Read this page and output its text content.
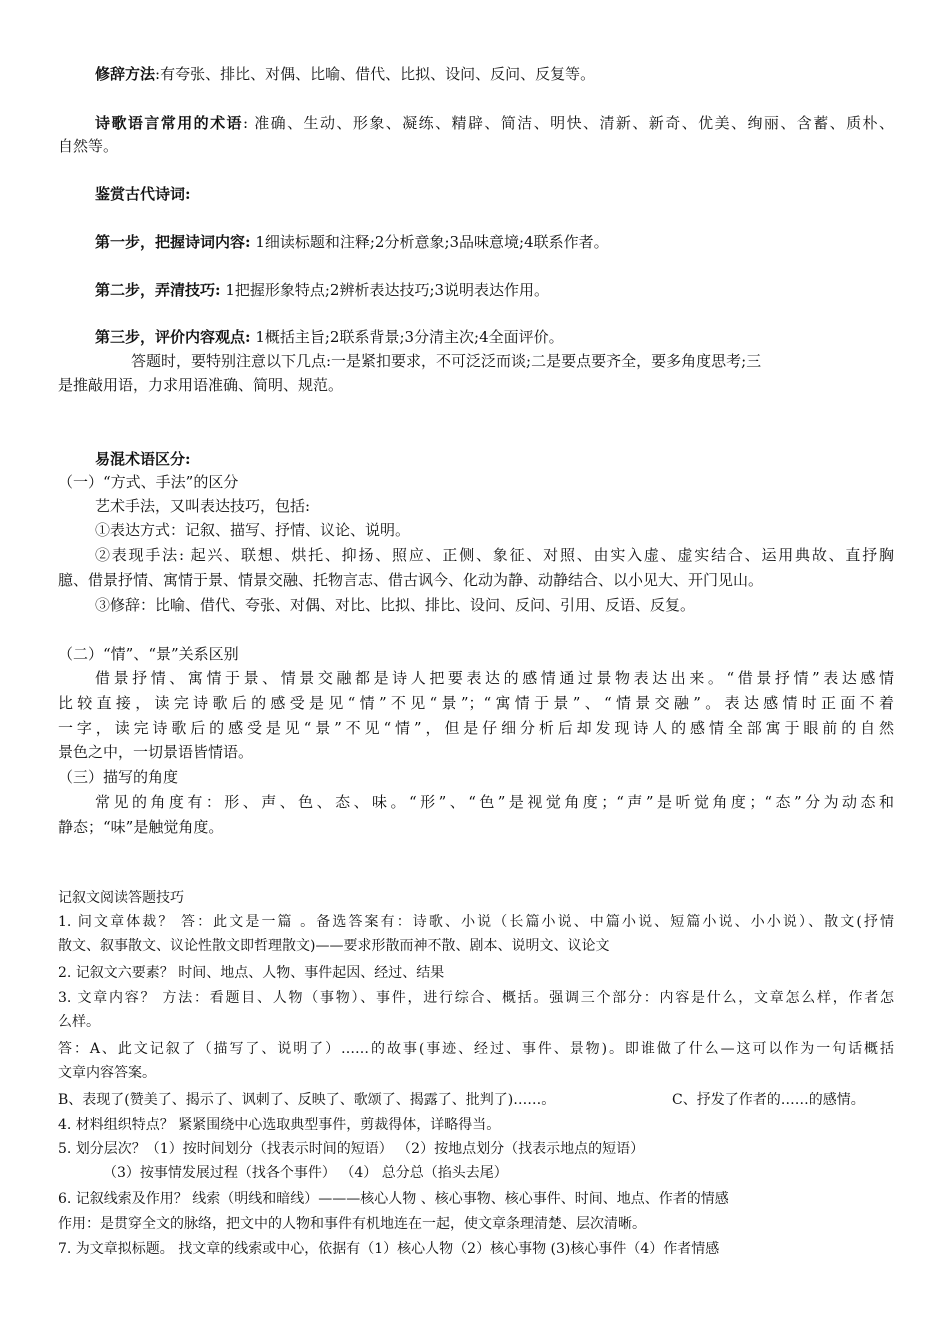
修辞方法:有夸张、排比、对偶、比喻、借代、比拟、设问、反问、反复等。
诗歌语言常用的术语: 准确、生动、形象、凝练、精辟、简洁、明快、清新、新奇、优美、绚丽、含蓄、质朴、
自然等。
鉴赏古代诗词:
第一步，把握诗词内容: 1细读标题和注释;2分析意象;3品味意境;4联系作者。
第二步，弄清技巧: 1把握形象特点;2辨析表达技巧;3说明表达作用。
第三步，评价内容观点: 1概括主旨;2联系背景;3分清主次;4全面评价。
答题时，要特别注意以下几点:一是紧扣要求，不可泛泛而谈;二是要点要齐全，要多角度思考;三
是推敲用语，力求用语准确、简明、规范。
易混术语区分:
（一）“方式、手法”的区分
艺术手法，又叫表达技巧，包括:
①表达方式：记叙、描写、抒情、议论、说明。
②表现手法: 起兴、联想、烘托、抑扬、照应、正侧、象征、对照、由实入虚、虚实结合、运用典故、直抒胸
臆、借景抒情、寓情于景、情景交融、托物言志、借古讽今、化动为静、动静结合、以小见大、开门见山。
③修辞：比喻、借代、夸张、对偶、对比、比拟、排比、设问、反问、引用、反语、反复。
（二）“情”、“景”关系区别
借景抒情、寓情于景、情景交融都是诗人把要表达的感情通过景物表达出来。“借景抒情”表达感情
比较直接，读完诗歌后的感受是见“情”不见“景”；“寓情于景”、“情景交融”。表达感情时正面不着
一字，读完诗歌后的感受是见“景”不见“情”，但是仔细分析后却发现诗人的感情全部寓于眼前的自然
景色之中，一切景语皆情语。
（三）描写的角度
常见的角度有：形、声、色、态、味。“形”、“色”是视觉角度；“声”是听觉角度；“态”分为动态和
静态；“味”是触觉角度。
记叙文阅读答题技巧
1. 问文章体裁？ 答：此文是一篇 。备选答案有：诗歌、小说（长篇小说、中篇小说、短篇小说、小小说）、散文(抒情
散文、叙事散文、议论性散文即哲理散文)——要求形散而神不散、剧本、说明文、议论文
2. 记叙文六要素？ 时间、地点、人物、事件起因、经过、结果
3. 文章内容？ 方法：看题目、人物（事物）、事件，进行综合、概括。强调三个部分：内容是什么，文章怎么样，作者怎
么样。
答：A、此文记叙了（描写了、说明了）……的故事(事迹、经过、事件、景物)。即谁做了什么—这可以作为一句话概括
文章内容答案。
B、表现了(赞美了、揭示了、讽刺了、反映了、歌颂了、揭露了、批判了)……。	C、抒发了作者的……的感情。
4. 材料组织特点？ 紧紧围绕中心选取典型事件，剪裁得体，详略得当。
5. 划分层次？（1）按时间划分（找表示时间的短语） （2）按地点划分（找表示地点的短语）
（3）按事情发展过程（找各个事件） （4） 总分总（掐头去尾）
6. 记叙线索及作用？ 线索（明线和暗线）———核心人物 、核心事物、核心事件、时间、地点、作者的情感
作用：是贯穿全文的脉络，把文中的人物和事件有机地连在一起，使文章条理清楚、层次清晰。
7. 为文章拟标题。 找文章的线索或中心，依据有（1）核心人物（2）核心事物 (3)核心事件（4）作者情感
